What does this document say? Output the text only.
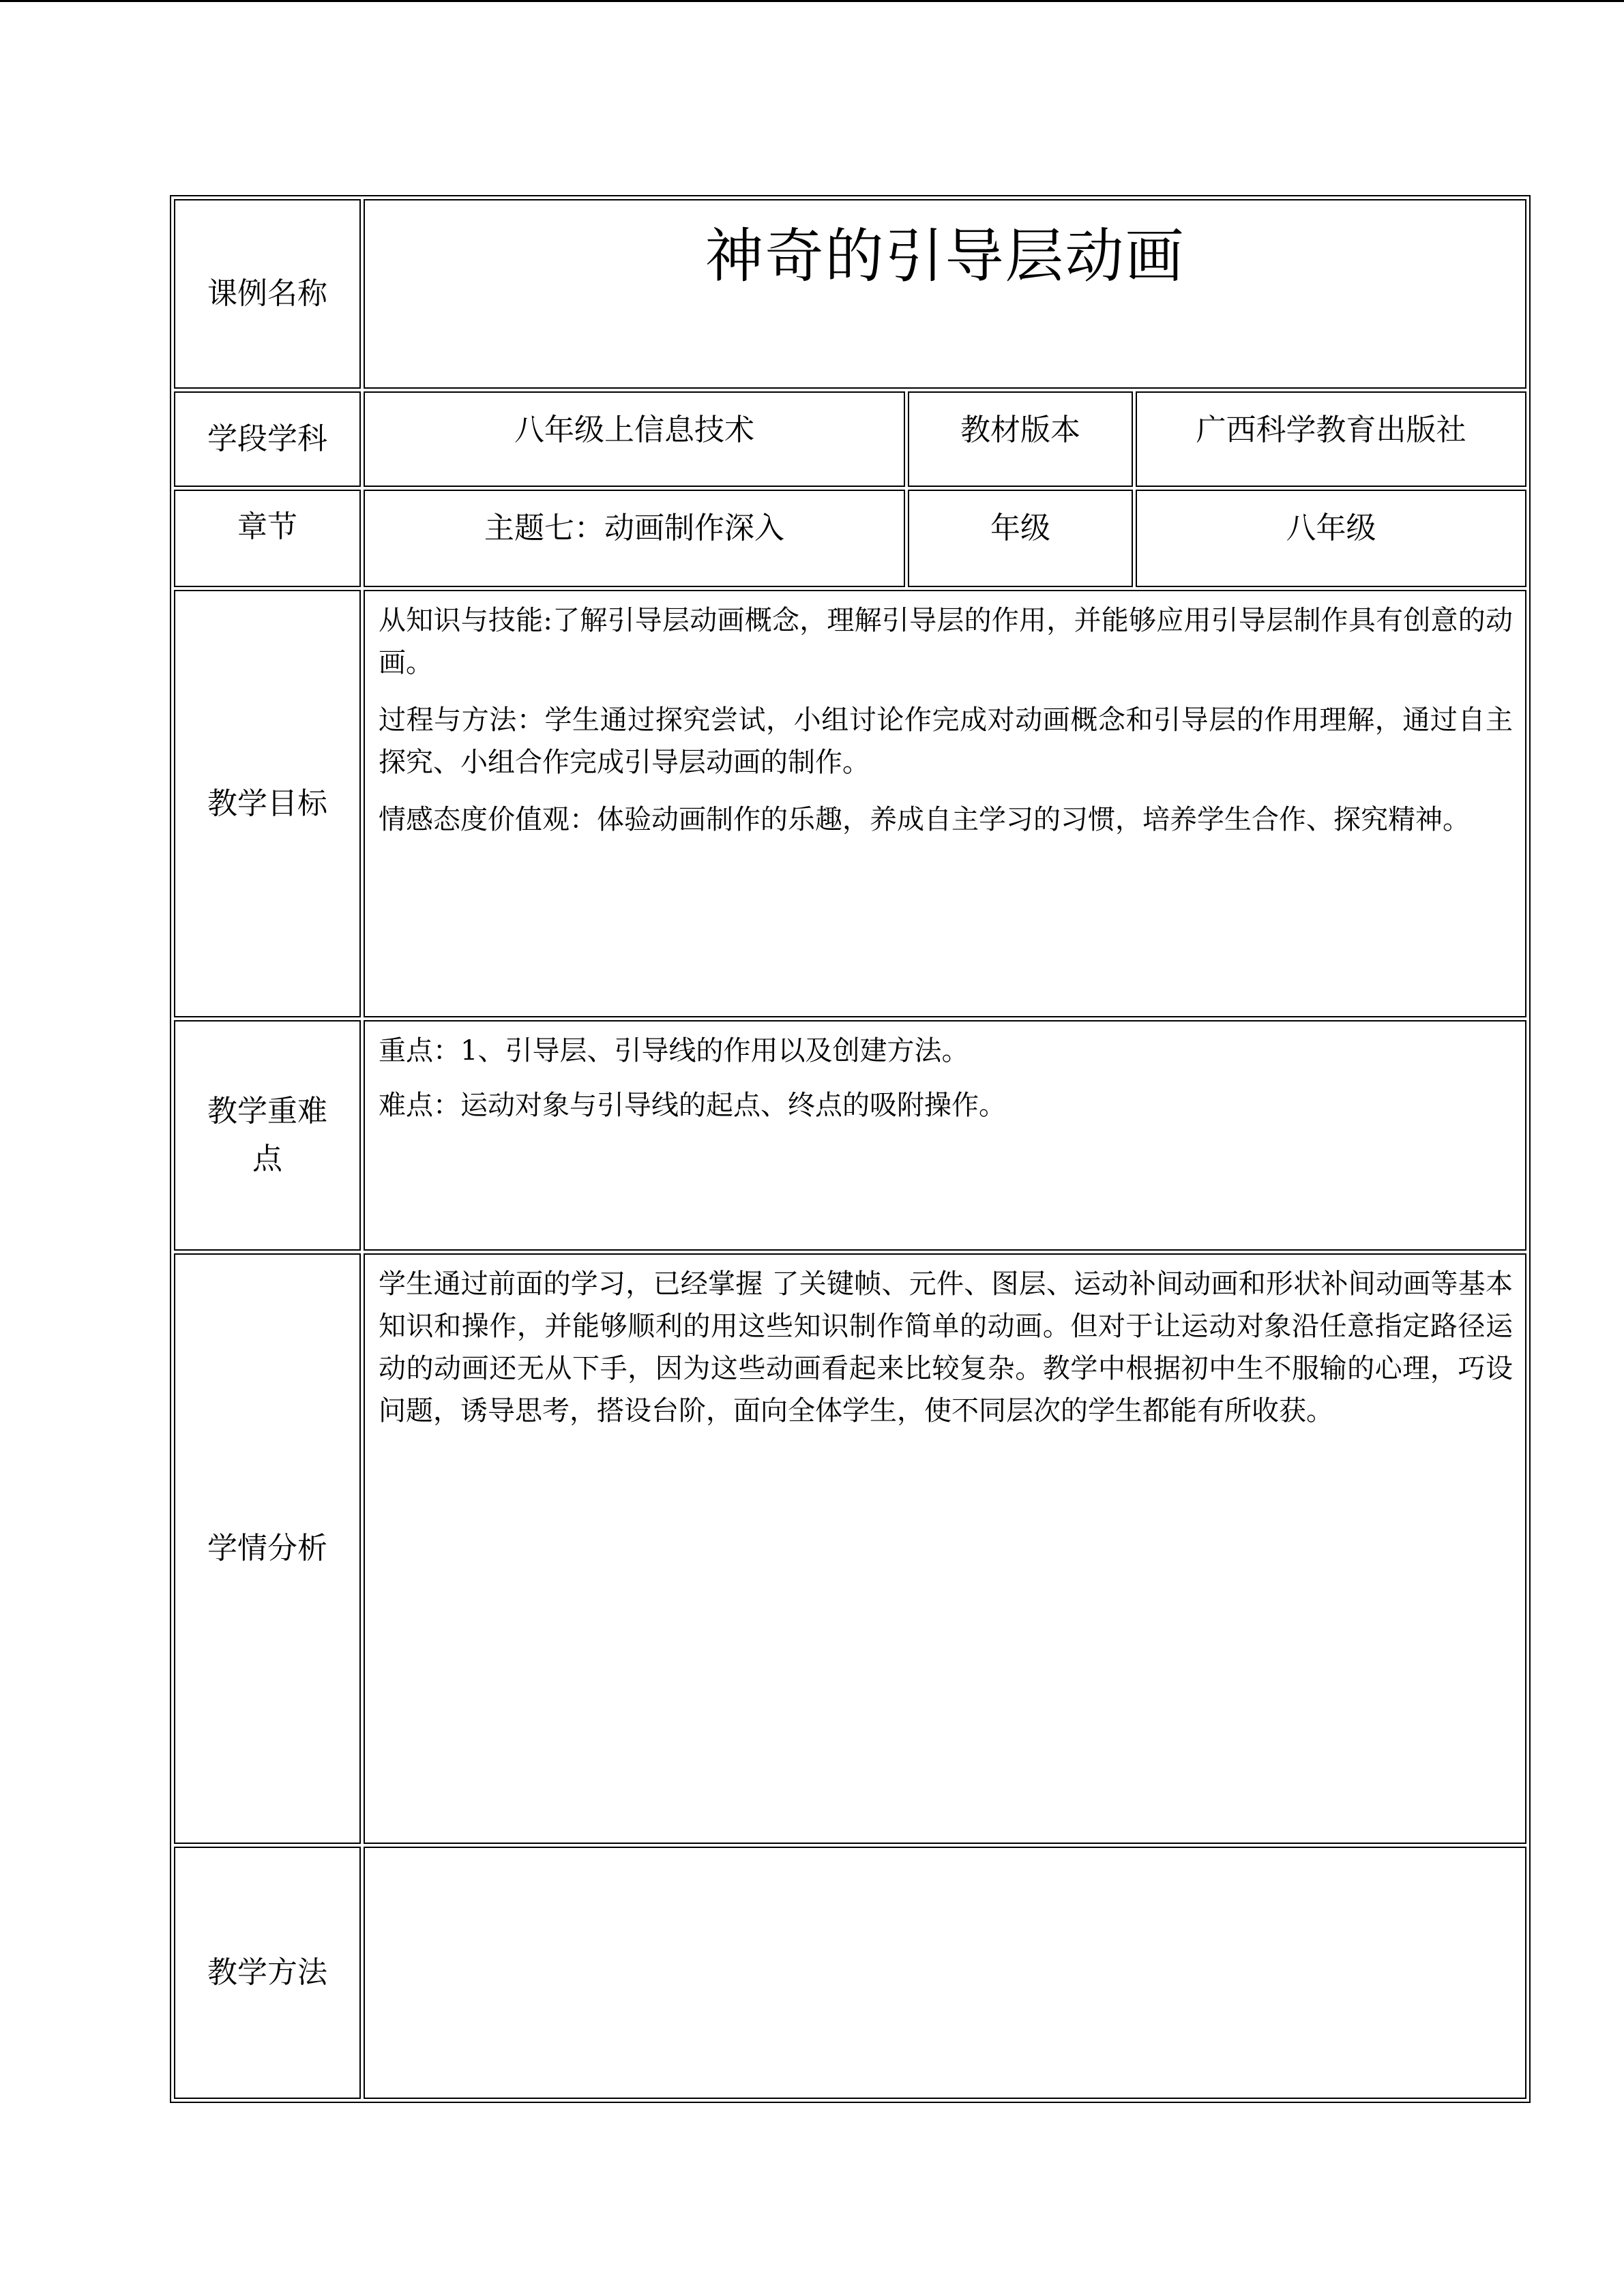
课例名称	神奇的引导层动画		
学段学科	八年级上信息技术	教材版本	广西科学教育出版社
章节	主题七：动画制作深入	年级	八年级
教学目标	从知识与技能:了解引导层动画概念，理解引导层的作用，并能够应用引导层制作具有创意的动画。

过程与方法：学生通过探究尝试，小组讨论作完成对动画概念和引导层的作用理解，通过自主探究、小组合作完成引导层动画的制作。

情感态度价值观：体验动画制作的乐趣，养成自主学习的习惯，培养学生合作、探究精神。		

教学重难点	重点：1、引导层、引导线的作用以及创建方法。

难点：运动对象与引导线的起点、终点的吸附操作。		

学情分析	学生通过前面的学习，已经掌握 了关键帧、元件、图层、运动补间动画和形状补间动画等基本知识和操作，并能够顺利的用这些知识制作简单的动画。但对于让运动对象沿任意指定路径运动的动画还无从下手，因为这些动画看起来比较复杂。教学中根据初中生不服输的心理，巧设问题，诱导思考，搭设台阶，面向全体学生，使不同层次的学生都能有所收获。		
教学方法			
